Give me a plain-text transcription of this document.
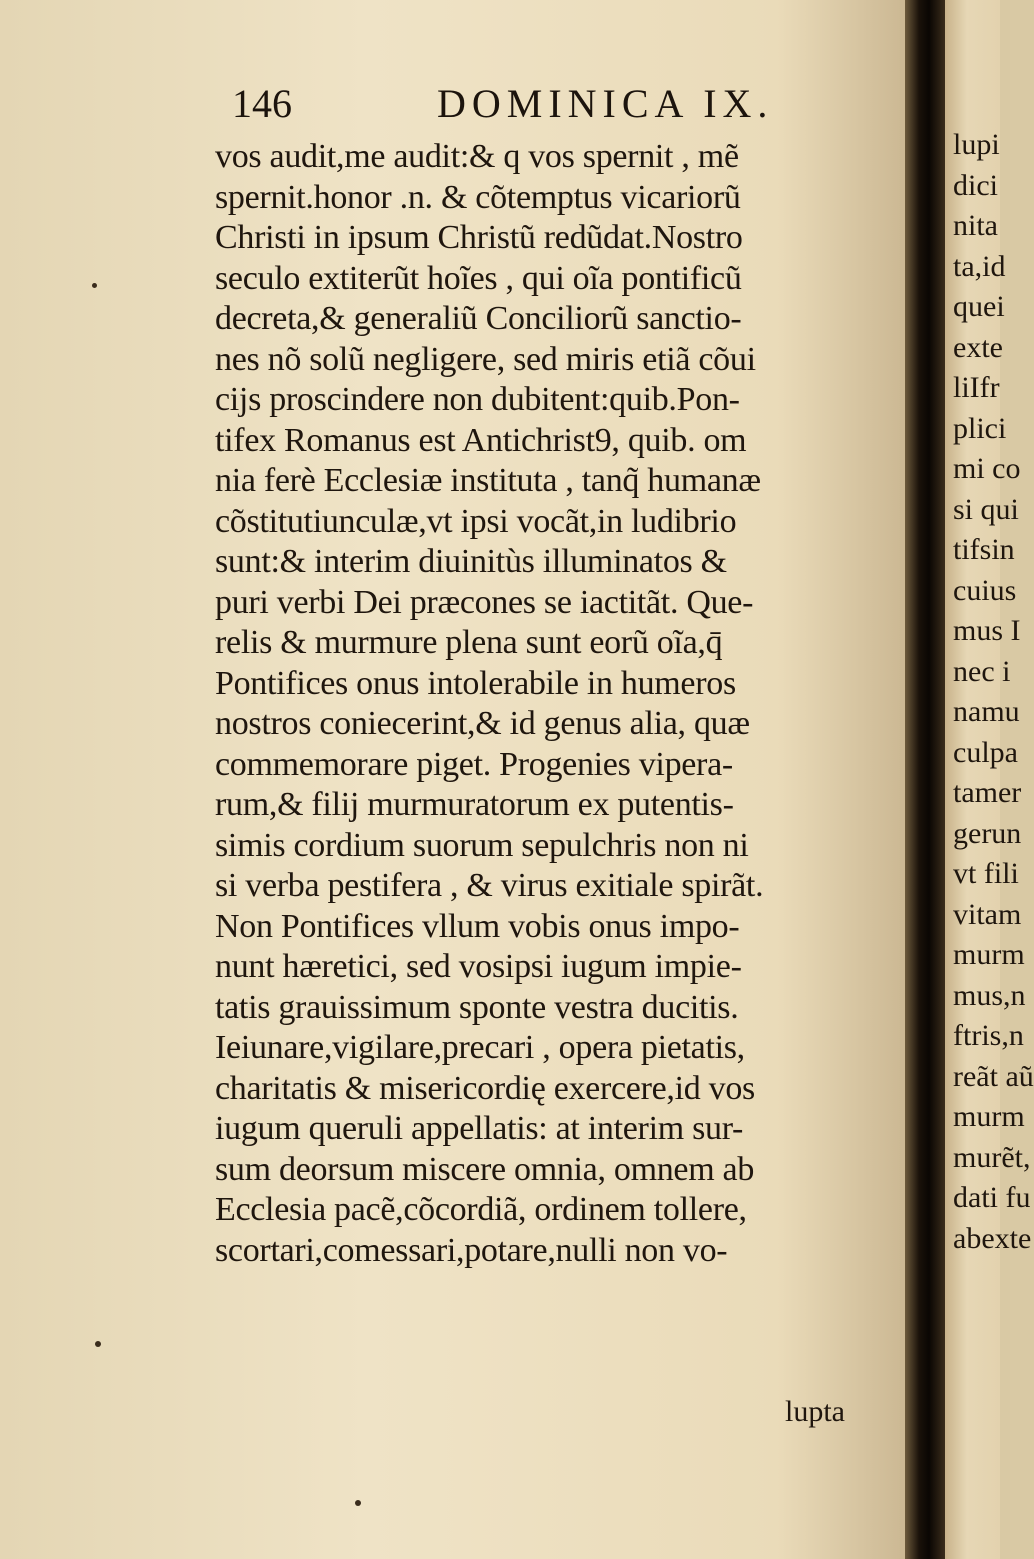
146	DOMINICA IX.
vos audit,me audit:& q vos spernit , mẽ
spernit.honor .n. & cõtemptus vicariorũ
Christi in ipsum Christũ redũdat.Nostro
seculo extiterũt hoĩes , qui oĩa pontificũ
decreta,& generaliũ Conciliorũ sanctio-
nes nõ solũ negligere, sed miris etiã cõui
cijs proscindere non dubitent:quib.Pon-
tifex Romanus est Antichrist9, quib. om
nia ferè Ecclesiæ instituta , tanq̃ humanæ
cõstitutiunculæ,vt ipsi vocãt,in ludibrio
sunt:& interim diuinitùs illuminatos &
puri verbi Dei præcones se iactitãt. Que-
relis & murmure plena sunt eorũ oĩa,q̄
Pontifices onus intolerabile in humeros
nostros coniecerint,& id genus alia, quæ
commemorare piget. Progenies vipera-
rum,& filij murmuratorum ex putentis-
simis cordium suorum sepulchris non ni
si verba pestifera , & virus exitiale spirãt.
Non Pontifices vllum vobis onus impo-
nunt hæretici, sed vosipsi iugum impie-
tatis grauissimum sponte vestra ducitis.
Ieiunare,vigilare,precari , opera pietatis,
charitatis & misericordię exercere,id vos
iugum queruli appellatis: at interim sur-
sum deorsum miscere omnia, omnem ab
Ecclesia pacẽ,cõcordiã, ordinem tollere,
scortari,comessari,potare,nulli non vo-
lupta
lupi
dici
nita
ta,id
quei
exte
liIfr
plici
mi co
si qui
tifsin
cuius
mus I
nec i
namu
culpa
tamer
gerun
vt fili
vitam
murm
mus,n
ftris,n
reãt aũ
murm
murẽt,
dati fu
abexte
